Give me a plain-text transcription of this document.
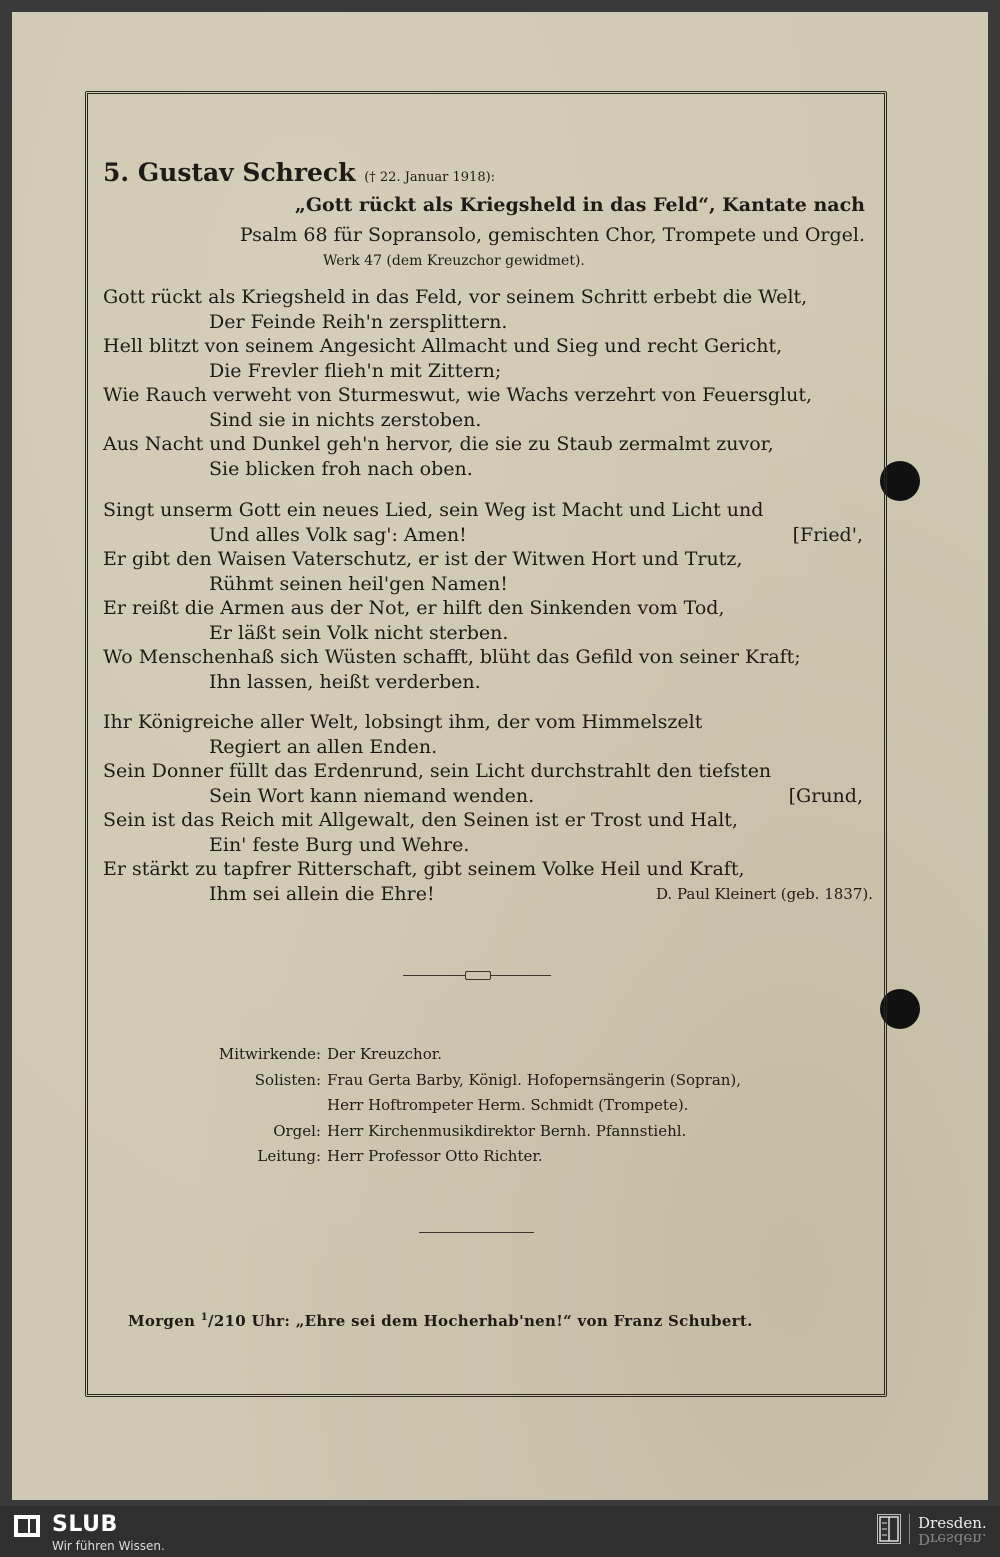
5. Gustav Schreck († 22. Januar 1918):
„Gott rückt als Kriegsheld in das Feld“, Kantate nach
Psalm 68 für Sopransolo, gemischten Chor, Trompete und Orgel.
Werk 47 (dem Kreuzchor gewidmet).
Gott rückt als Kriegsheld in das Feld, vor seinem Schritt erbebt die Welt,
Der Feinde Reih'n zersplittern.
Hell blitzt von seinem Angesicht Allmacht und Sieg und recht Gericht,
Die Frevler flieh'n mit Zittern;
Wie Rauch verweht von Sturmeswut, wie Wachs verzehrt von Feuersglut,
Sind sie in nichts zerstoben.
Aus Nacht und Dunkel geh'n hervor, die sie zu Staub zermalmt zuvor,
Sie blicken froh nach oben.
Singt unserm Gott ein neues Lied, sein Weg ist Macht und Licht und
Und alles Volk sag': Amen!	[Fried',
Er gibt den Waisen Vaterschutz, er ist der Witwen Hort und Trutz,
Rühmt seinen heil'gen Namen!
Er reißt die Armen aus der Not, er hilft den Sinkenden vom Tod,
Er läßt sein Volk nicht sterben.
Wo Menschenhaß sich Wüsten schafft, blüht das Gefild von seiner Kraft;
Ihn lassen, heißt verderben.
Ihr Königreiche aller Welt, lobsingt ihm, der vom Himmelszelt
Regiert an allen Enden.
Sein Donner füllt das Erdenrund, sein Licht durchstrahlt den tiefsten
Sein Wort kann niemand wenden.	[Grund,
Sein ist das Reich mit Allgewalt, den Seinen ist er Trost und Halt,
Ein' feste Burg und Wehre.
Er stärkt zu tapfrer Ritterschaft, gibt seinem Volke Heil und Kraft,
Ihm sei allein die Ehre!	D. Paul Kleinert (geb. 1837).
Mitwirkende: Der Kreuzchor.
Solisten: Frau Gerta Barby, Königl. Hofopernsängerin (Sopran),
Herr Hoftrompeter Herm. Schmidt (Trompete).
Orgel: Herr Kirchenmusikdirektor Bernh. Pfannstiehl.
Leitung: Herr Professor Otto Richter.
Morgen $^1$/210 Uhr: „Ehre sei dem Hocherhab'nen!“ von Franz Schubert.
SLUB
Wir führen Wissen.
Dresden.
Dresden.
